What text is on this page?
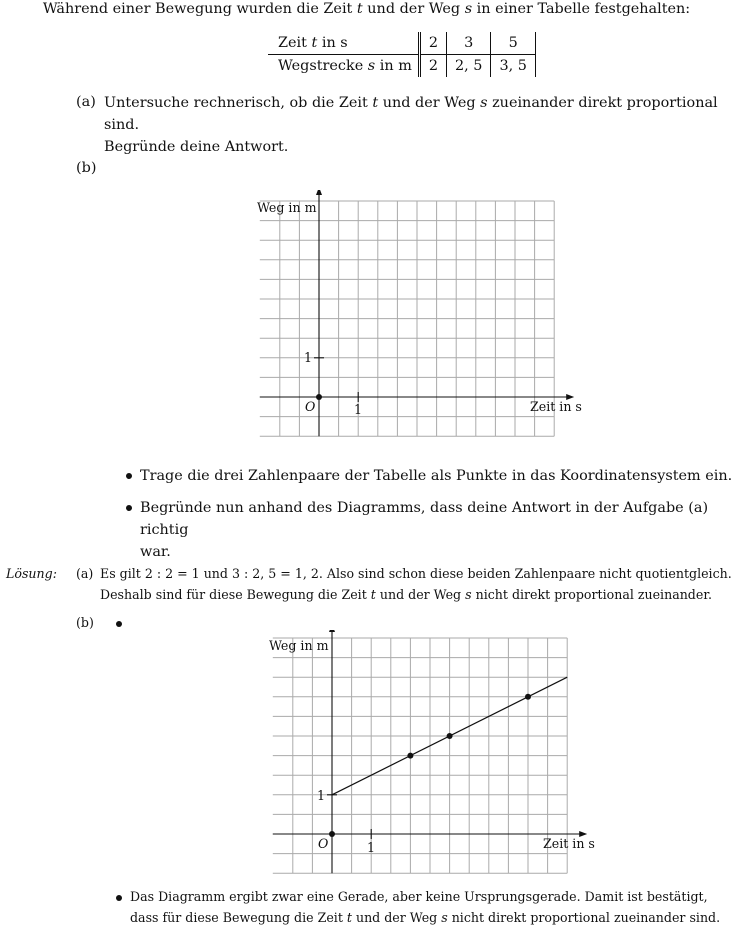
Während einer Bewegung wurden die Zeit t und der Weg s in einer Tabelle festgehalten:
Zeit t in s	2	3	5
Wegstrecke s in m	2	2, 5	3, 5
(a) Untersuche rechnerisch, ob die Zeit t und der Weg s zueinander direkt proportional sind.
Begründe deine Antwort.
(b)
Weg in m
Zeit in s
O	1
1
Trage die drei Zahlenpaare der Tabelle als Punkte in das Koordinatensystem ein.
Begründe nun anhand des Diagramms, dass deine Antwort in der Aufgabe (a) richtig
war.
Lösung: (a) Es gilt 2 : 2 = 1 und 3 : 2, 5 = 1, 2. Also sind schon diese beiden Zahlenpaare nicht quotientgleich.
Deshalb sind für diese Bewegung die Zeit t und der Weg s nicht direkt proportional zueinander.
(b)
Weg in m
Zeit in s
O	1
1
Das Diagramm ergibt zwar eine Gerade, aber keine Ursprungsgerade. Damit ist bestätigt,
dass für diese Bewegung die Zeit t und der Weg s nicht direkt proportional zueinander sind.
